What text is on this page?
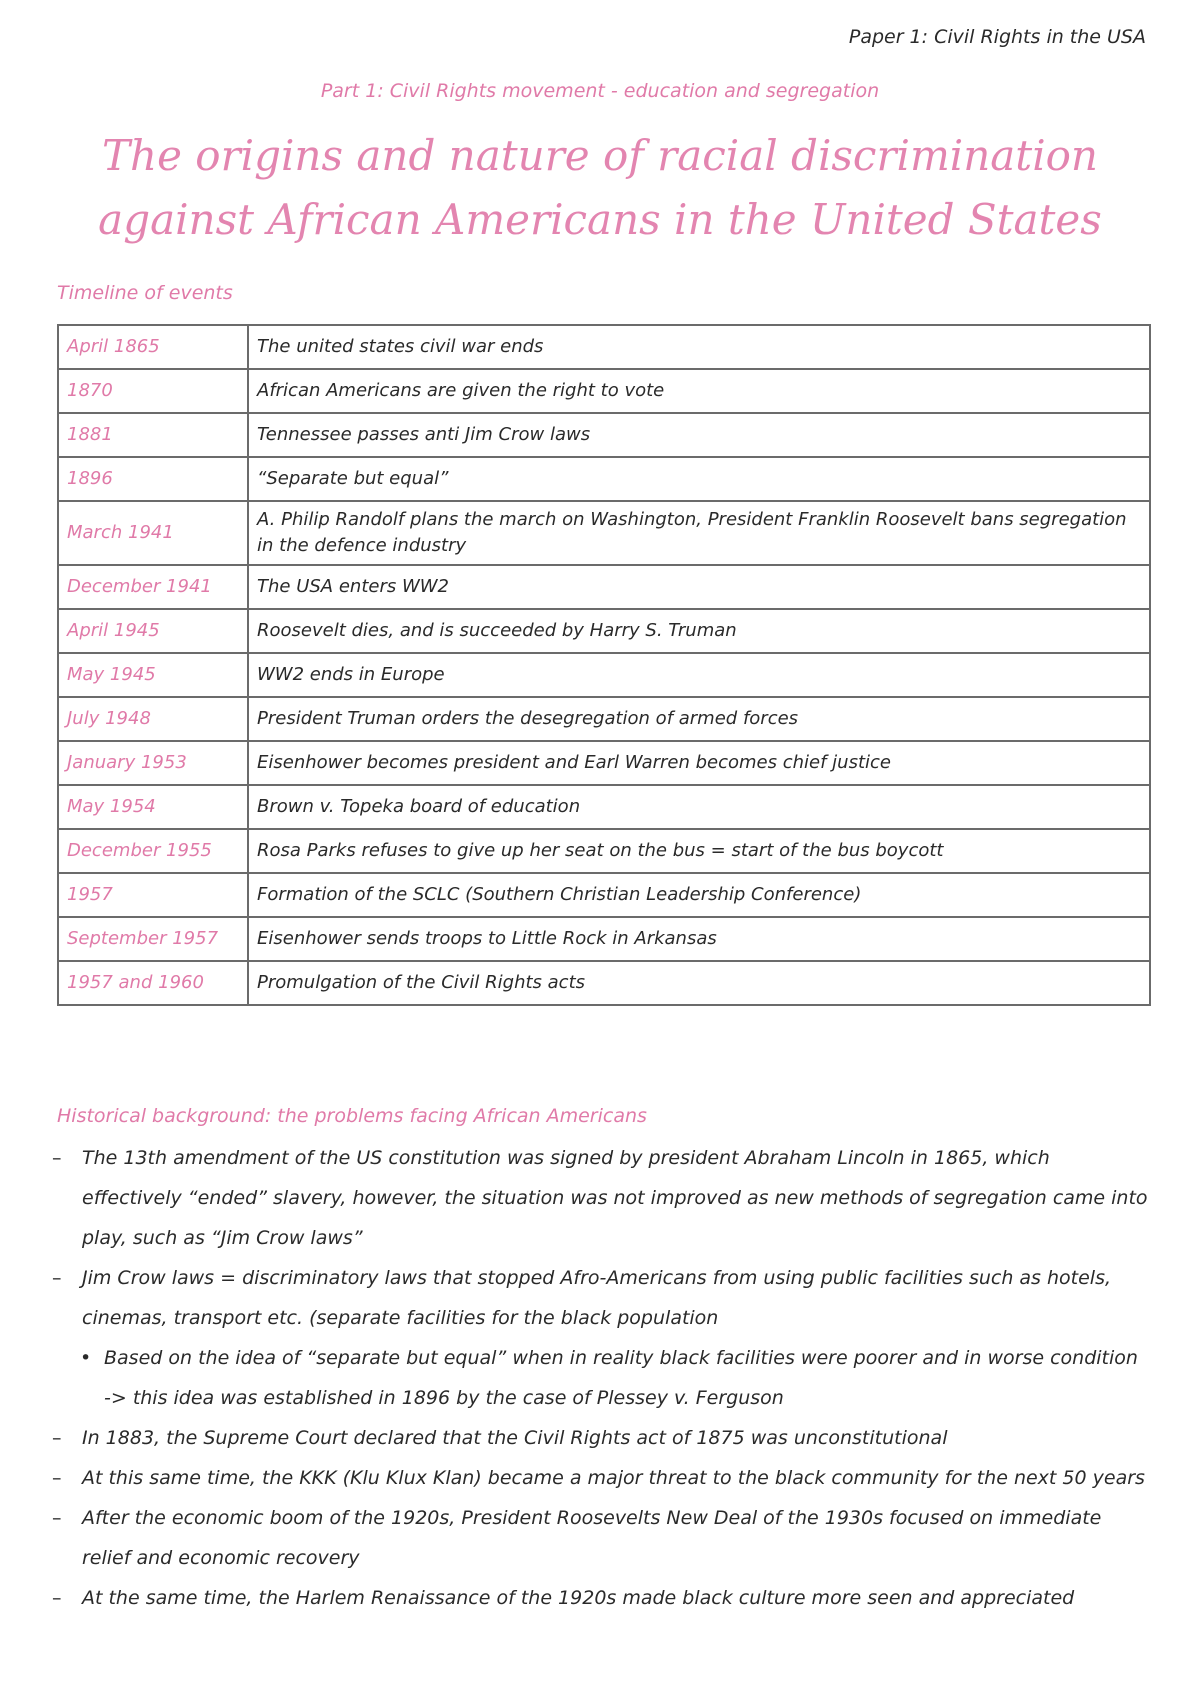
Paper 1: Civil Rights in the USA
Part 1: Civil Rights movement - education and segregation
The origins and nature of racial discrimination against African Americans in the United States
Timeline of events
April 1865	The united states civil war ends
1870	African Americans are given the right to vote
1881	Tennessee passes anti Jim Crow laws
1896	“Separate but equal”
March 1941	A. Philip Randolf plans the march on Washington, President Franklin Roosevelt bans segregation in the defence industry
December 1941	The USA enters WW2
April 1945	Roosevelt dies, and is succeeded by Harry S. Truman
May 1945	WW2 ends in Europe
July 1948	President Truman orders the desegregation of armed forces
January 1953	Eisenhower becomes president and Earl Warren becomes chief justice
May 1954	Brown v. Topeka board of education
December 1955	Rosa Parks refuses to give up her seat on the bus = start of the bus boycott
1957	Formation of the SCLC (Southern Christian Leadership Conference)
September 1957	Eisenhower sends troops to Little Rock in Arkansas
1957 and 1960	Promulgation of the Civil Rights acts
Historical background: the problems facing African Americans
– The 13th amendment of the US constitution was signed by president Abraham Lincoln in 1865, which effectively “ended” slavery, however, the situation was not improved as new methods of segregation came into play, such as “Jim Crow laws”
– Jim Crow laws = discriminatory laws that stopped Afro-Americans from using public facilities such as hotels, cinemas, transport etc. (separate facilities for the black population
• Based on the idea of “separate but equal” when in reality black facilities were poorer and in worse condition -> this idea was established in 1896 by the case of Plessey v. Ferguson
– In 1883, the Supreme Court declared that the Civil Rights act of 1875 was unconstitutional
– At this same time, the KKK (Klu Klux Klan) became a major threat to the black community for the next 50 years
– After the economic boom of the 1920s, President Roosevelts New Deal of the 1930s focused on immediate relief and economic recovery
– At the same time, the Harlem Renaissance of the 1920s made black culture more seen and appreciated
